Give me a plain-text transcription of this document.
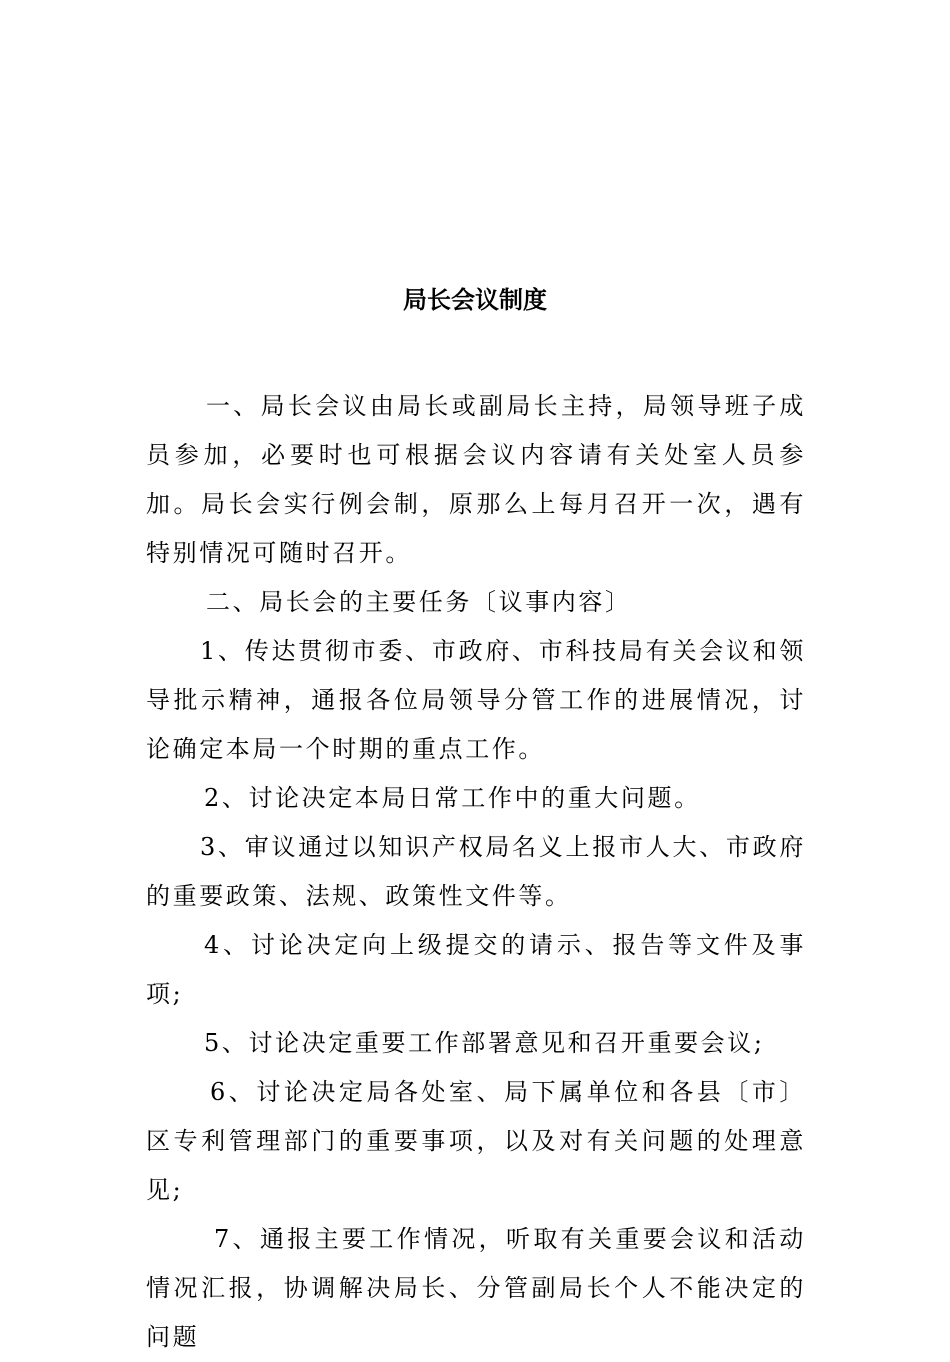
局长会议制度

一、局长会议由局长或副局长主持，局领导班子成员参加，必要时也可根据会议内容请有关处室人员参加。局长会实行例会制，原那么上每月召开一次，遇有特别情况可随时召开。

二、局长会的主要任务〔议事内容〕

1、传达贯彻市委、市政府、市科技局有关会议和领导批示精神，通报各位局领导分管工作的进展情况，讨论确定本局一个时期的重点工作。

2、讨论决定本局日常工作中的重大问题。

3、审议通过以知识产权局名义上报市人大、市政府的重要政策、法规、政策性文件等。

4、讨论决定向上级提交的请示、报告等文件及事项;

5、讨论决定重要工作部署意见和召开重要会议;

6、讨论决定局各处室、局下属单位和各县〔市〕区专利管理部门的重要事项，以及对有关问题的处理意见;

7、通报主要工作情况，听取有关重要会议和活动情况汇报，协调解决局长、分管副局长个人不能决定的问题
